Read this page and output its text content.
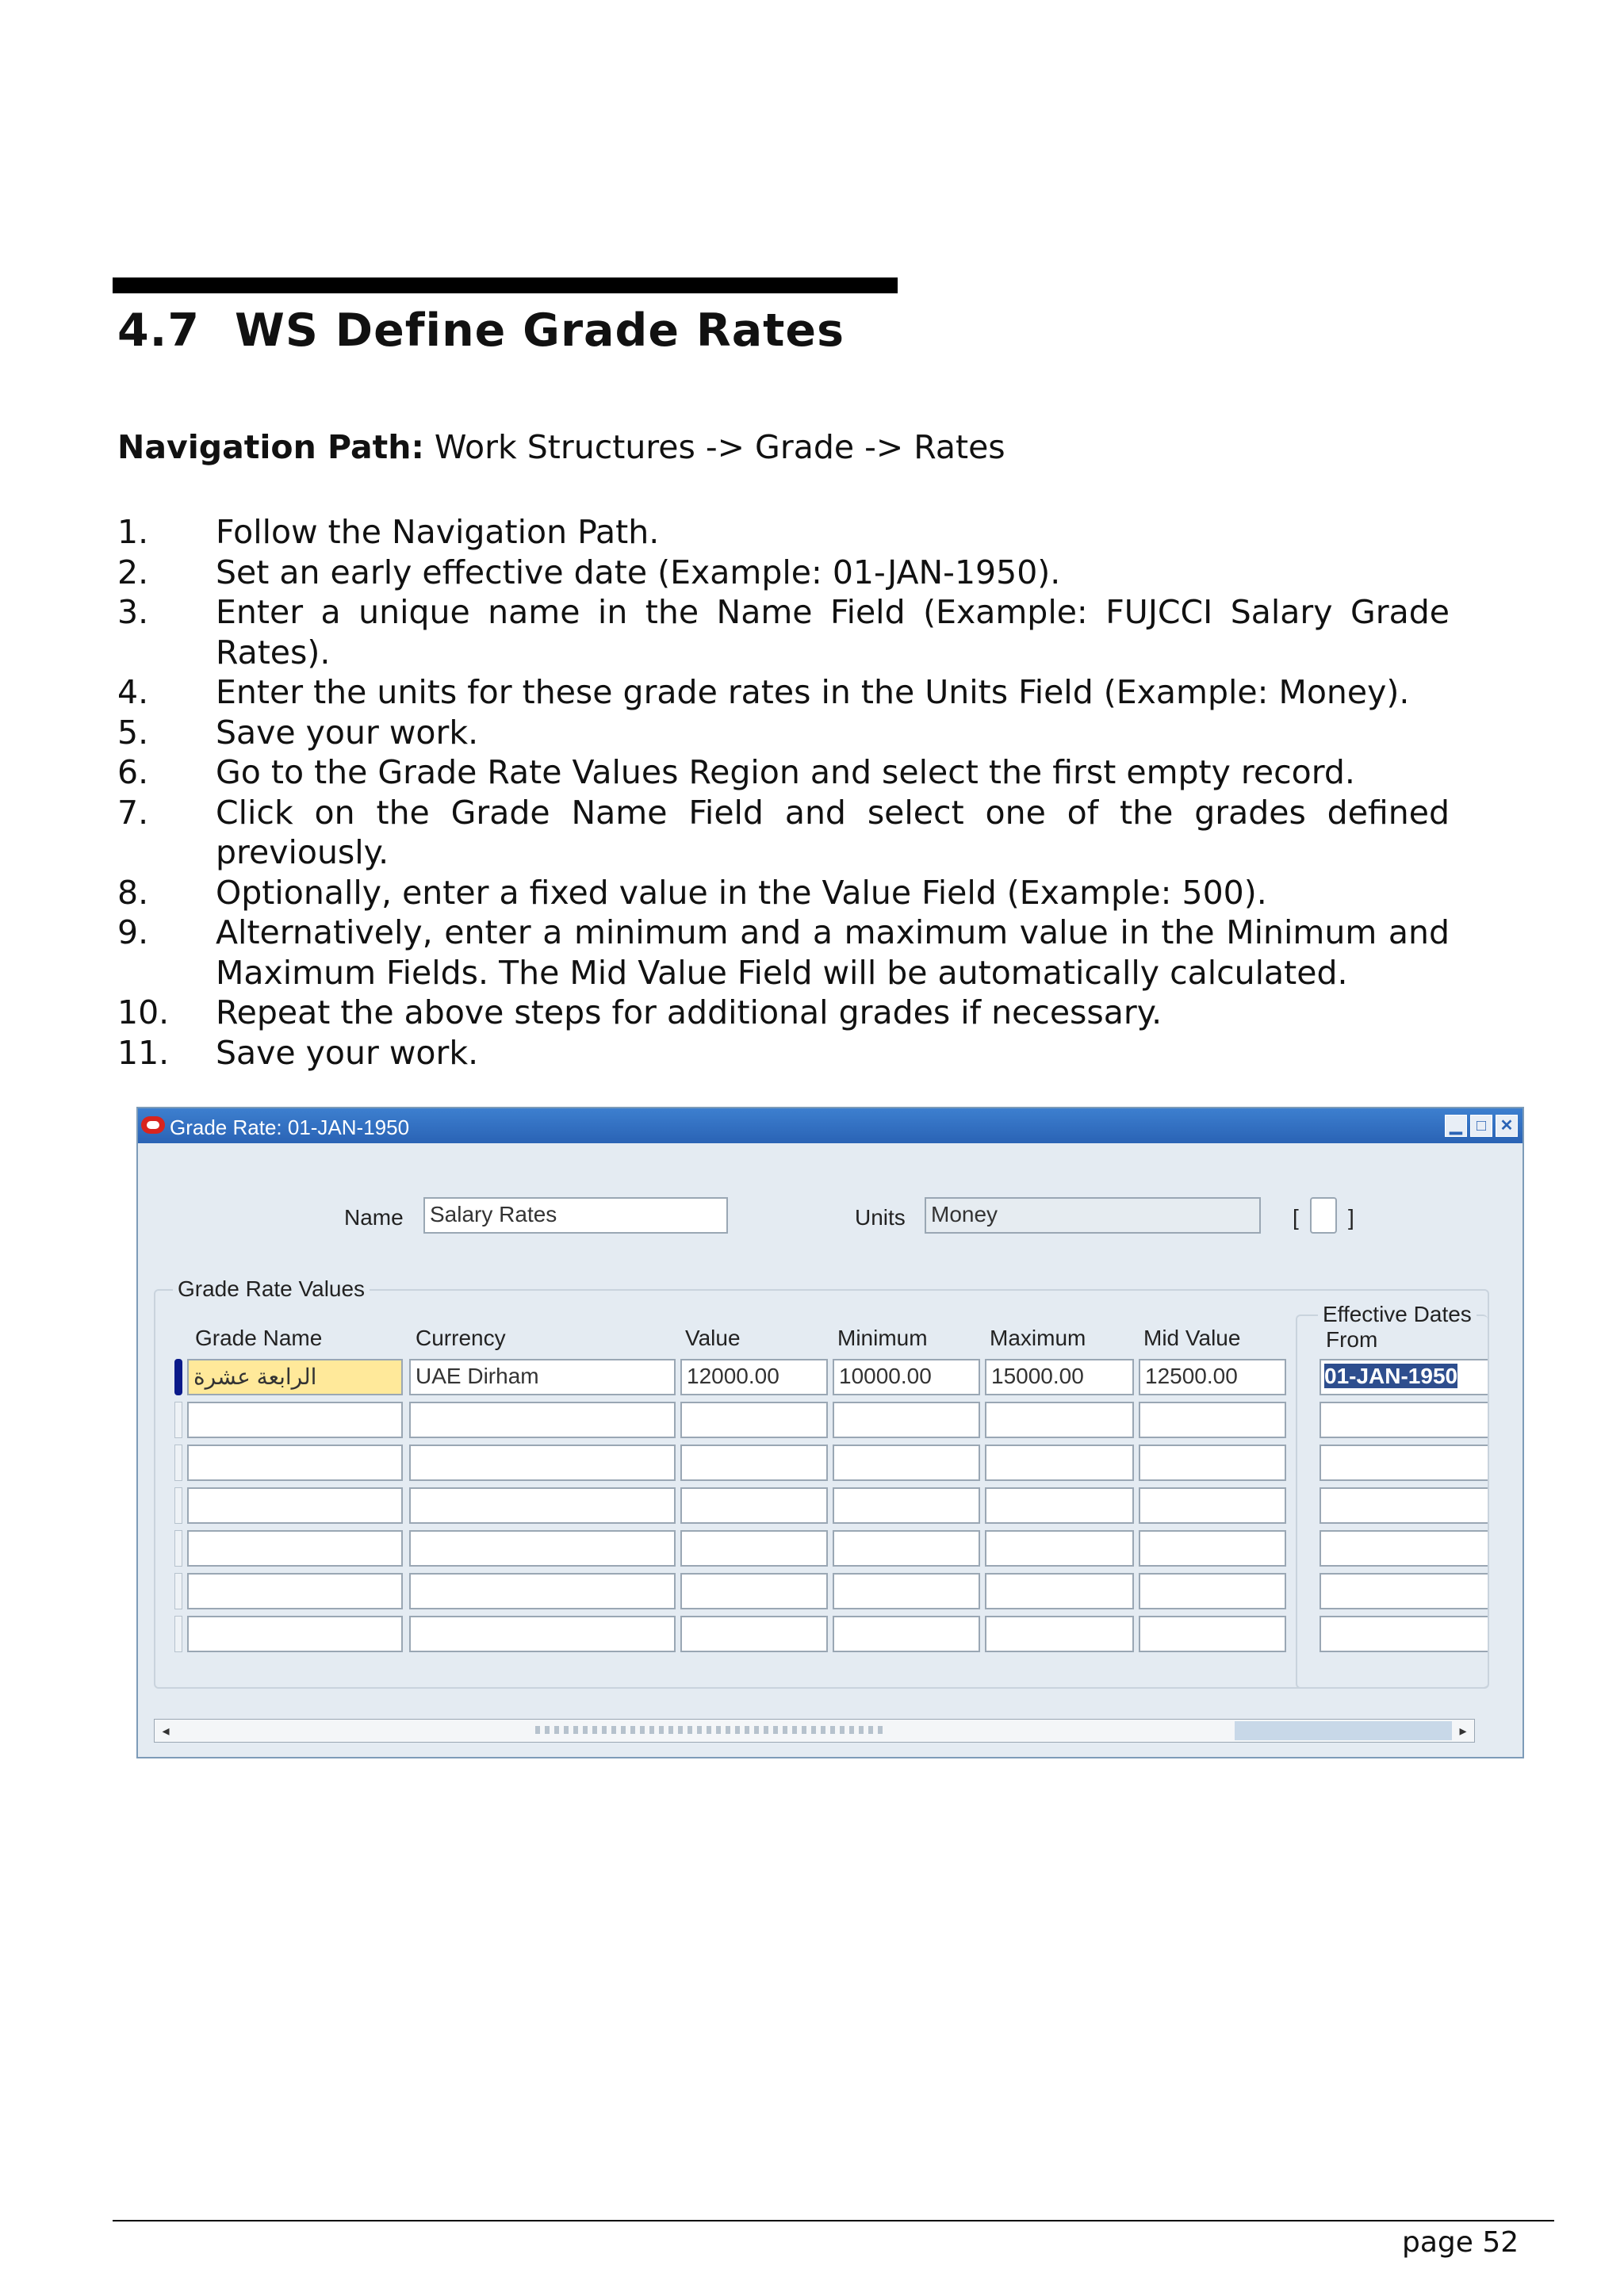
4.7 WS Define Grade Rates
Navigation Path: Work Structures -> Grade -> Rates
1. Follow the Navigation Path.
2. Set an early effective date (Example: 01-JAN-1950).
3. Enter a unique name in the Name Field (Example: FUJCCI Salary Grade Rates).
4. Enter the units for these grade rates in the Units Field (Example: Money).
5. Save your work.
6. Go to the Grade Rate Values Region and select the first empty record.
7. Click on the Grade Name Field and select one of the grades defined previously.
8. Optionally, enter a fixed value in the Value Field (Example: 500).
9. Alternatively, enter a minimum and a maximum value in the Minimum and Maximum Fields. The Mid Value Field will be automatically calculated.
10. Repeat the above steps for additional grades if necessary.
11. Save your work.
Grade Rate: 01-JAN-1950	▁ □ ✕
Name Salary Rates	Units Money	[ ]
Grade Rate Values
Effective Dates
Grade Name	Currency	Value	Minimum	Maximum	Mid Value	From
الرابعة عشرة	UAE Dirham	12000.00	10000.00	15000.00	12500.00	01-JAN-1950
◂	▸
page 52
